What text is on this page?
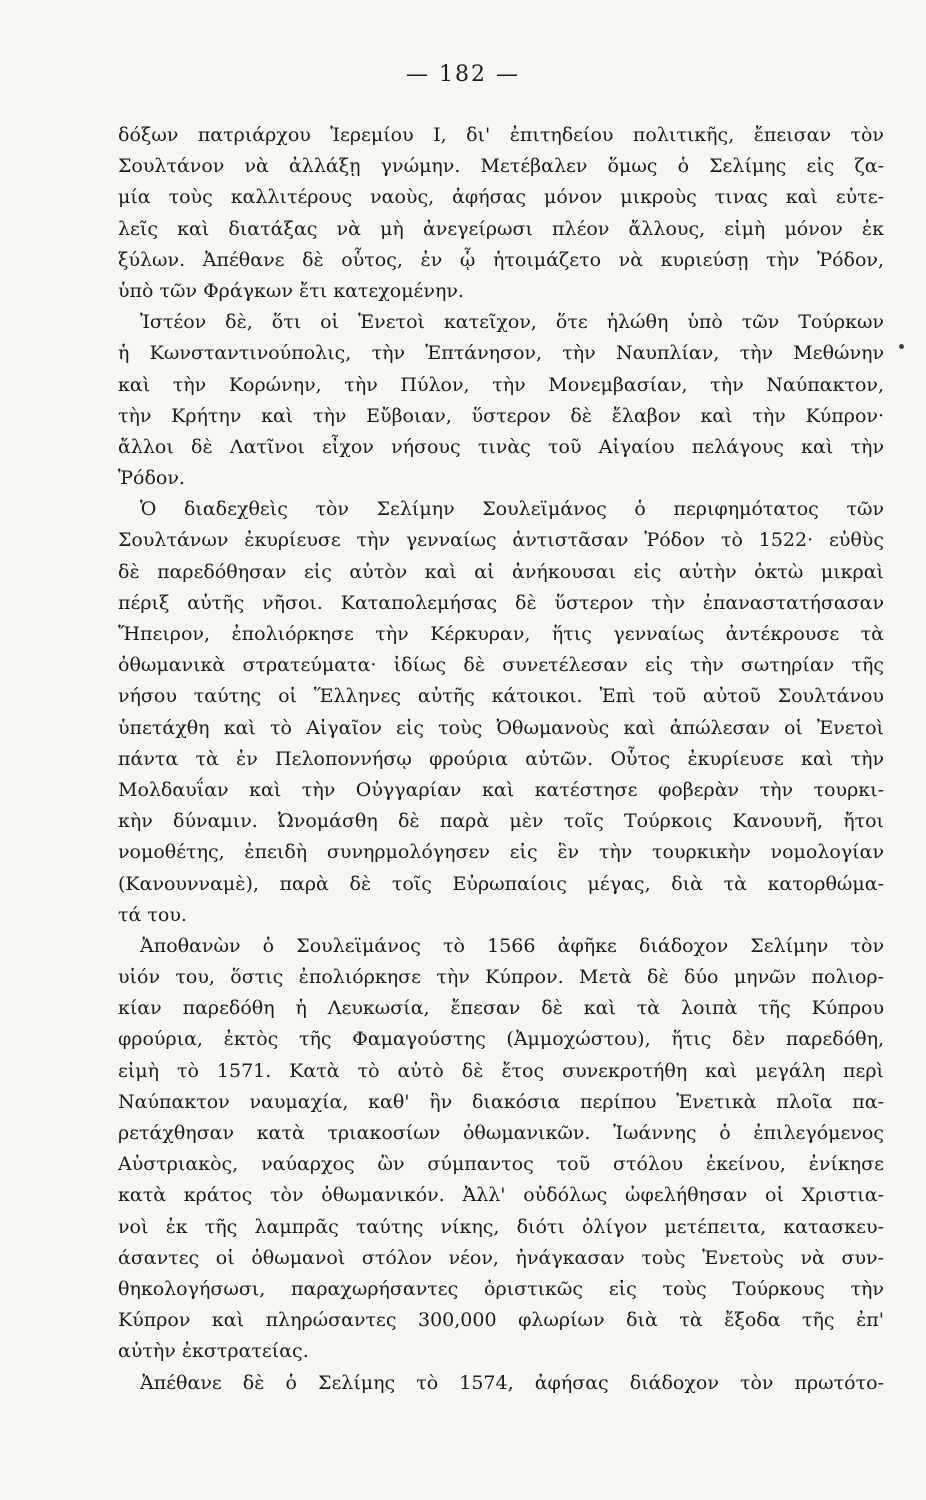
— 182 —
δόξων πατριάρχου Ἱερεμίου Ι, δι' ἐπιτηδείου πολιτικῆς, ἔπεισαν τὸν
Σουλτάνον νὰ ἀλλάξῃ γνώμην. Μετέβαλεν ὅμως ὁ Σελίμης εἰς ζα-
μία τοὺς καλλιτέρους ναοὺς, ἀφήσας μόνον μικροὺς τινας καὶ εὐτε-
λεῖς καὶ διατάξας νὰ μὴ ἀνεγείρωσι πλέον ἄλλους, εἰμὴ μόνον ἐκ
ξύλων. Ἀπέθανε δὲ οὗτος, ἐν ᾧ ἡτοιμάζετο νὰ κυριεύσῃ τὴν Ῥόδον,
ὑπὸ τῶν Φράγκων ἔτι κατεχομένην.
Ἰστέον δὲ, ὅτι οἱ Ἐνετοὶ κατεῖχον, ὅτε ἡλώθη ὑπὸ τῶν Τούρκων
ἡ Κωνσταντινούπολις, τὴν Ἑπτάνησον, τὴν Ναυπλίαν, τὴν Μεθώνην
καὶ τὴν Κορώνην, τὴν Πύλον, τὴν Μονεμβασίαν, τὴν Ναύπακτον,
τὴν Κρήτην καὶ τὴν Εὔβοιαν, ὕστερον δὲ ἔλαβον καὶ τὴν Κύπρον·
ἄλλοι δὲ Λατῖνοι εἶχον νήσους τινὰς τοῦ Αἰγαίου πελάγους καὶ τὴν
Ῥόδον.
Ὁ διαδεχθεὶς τὸν Σελίμην Σουλεϊμάνος ὁ περιφημότατος τῶν
Σουλτάνων ἐκυρίευσε τὴν γενναίως ἀντιστᾶσαν Ῥόδον τὸ 1522· εὐθὺς
δὲ παρεδόθησαν εἰς αὐτὸν καὶ αἱ ἀνήκουσαι εἰς αὐτὴν ὀκτὼ μικραὶ
πέριξ αὐτῆς νῆσοι. Καταπολεμήσας δὲ ὕστερον τὴν ἐπαναστατήσασαν
Ἤπειρον, ἐπολιόρκησε τὴν Κέρκυραν, ἥτις γενναίως ἀντέκρουσε τὰ
ὀθωμανικὰ στρατεύματα· ἰδίως δὲ συνετέλεσαν εἰς τὴν σωτηρίαν τῆς
νήσου ταύτης οἱ Ἕλληνες αὐτῆς κάτοικοι. Ἐπὶ τοῦ αὐτοῦ Σουλτάνου
ὑπετάχθη καὶ τὸ Αἰγαῖον εἰς τοὺς Ὀθωμανοὺς καὶ ἀπώλεσαν οἱ Ἐνετοὶ
πάντα τὰ ἐν Πελοποννήσῳ φρούρια αὐτῶν. Οὗτος ἐκυρίευσε καὶ τὴν
Μολδαυΐαν καὶ τὴν Οὐγγαρίαν καὶ κατέστησε φοβερὰν τὴν τουρκι-
κὴν δύναμιν. Ὠνομάσθη δὲ παρὰ μὲν τοῖς Τούρκοις Κανουνῆ, ἤτοι
νομοθέτης, ἐπειδὴ συνηρμολόγησεν εἰς ἓν τὴν τουρκικὴν νομολογίαν
(Κανουνναμὲ), παρὰ δὲ τοῖς Εὐρωπαίοις μέγας, διὰ τὰ κατορθώμα-
τά του.
Ἀποθανὼν ὁ Σουλεϊμάνος τὸ 1566 ἀφῆκε διάδοχον Σελίμην τὸν
υἱόν του, ὅστις ἐπολιόρκησε τὴν Κύπρον. Μετὰ δὲ δύο μηνῶν πολιορ-
κίαν παρεδόθη ἡ Λευκωσία, ἔπεσαν δὲ καὶ τὰ λοιπὰ τῆς Κύπρου
φρούρια, ἐκτὸς τῆς Φαμαγούστης (Ἀμμοχώστου), ἥτις δὲν παρεδόθη,
εἰμὴ τὸ 1571. Κατὰ τὸ αὐτὸ δὲ ἔτος συνεκροτήθη καὶ μεγάλη περὶ
Ναύπακτον ναυμαχία, καθ' ἣν διακόσια περίπου Ἐνετικὰ πλοῖα πα-
ρετάχθησαν κατὰ τριακοσίων ὀθωμανικῶν. Ἰωάννης ὁ ἐπιλεγόμενος
Αὐστριακὸς, ναύαρχος ὢν σύμπαντος τοῦ στόλου ἐκείνου, ἐνίκησε
κατὰ κράτος τὸν ὀθωμανικόν. Ἀλλ' οὐδόλως ὠφελήθησαν οἱ Χριστια-
νοὶ ἐκ τῆς λαμπρᾶς ταύτης νίκης, διότι ὀλίγον μετέπειτα, κατασκευ-
άσαντες οἱ ὀθωμανοὶ στόλον νέον, ἠνάγκασαν τοὺς Ἐνετοὺς νὰ συν-
θηκολογήσωσι, παραχωρήσαντες ὁριστικῶς εἰς τοὺς Τούρκους τὴν
Κύπρον καὶ πληρώσαντες 300,000 φλωρίων διὰ τὰ ἔξοδα τῆς ἐπ'
αὐτὴν ἐκστρατείας.
Ἀπέθανε δὲ ὁ Σελίμης τὸ 1574, ἀφήσας διάδοχον τὸν πρωτότο-
